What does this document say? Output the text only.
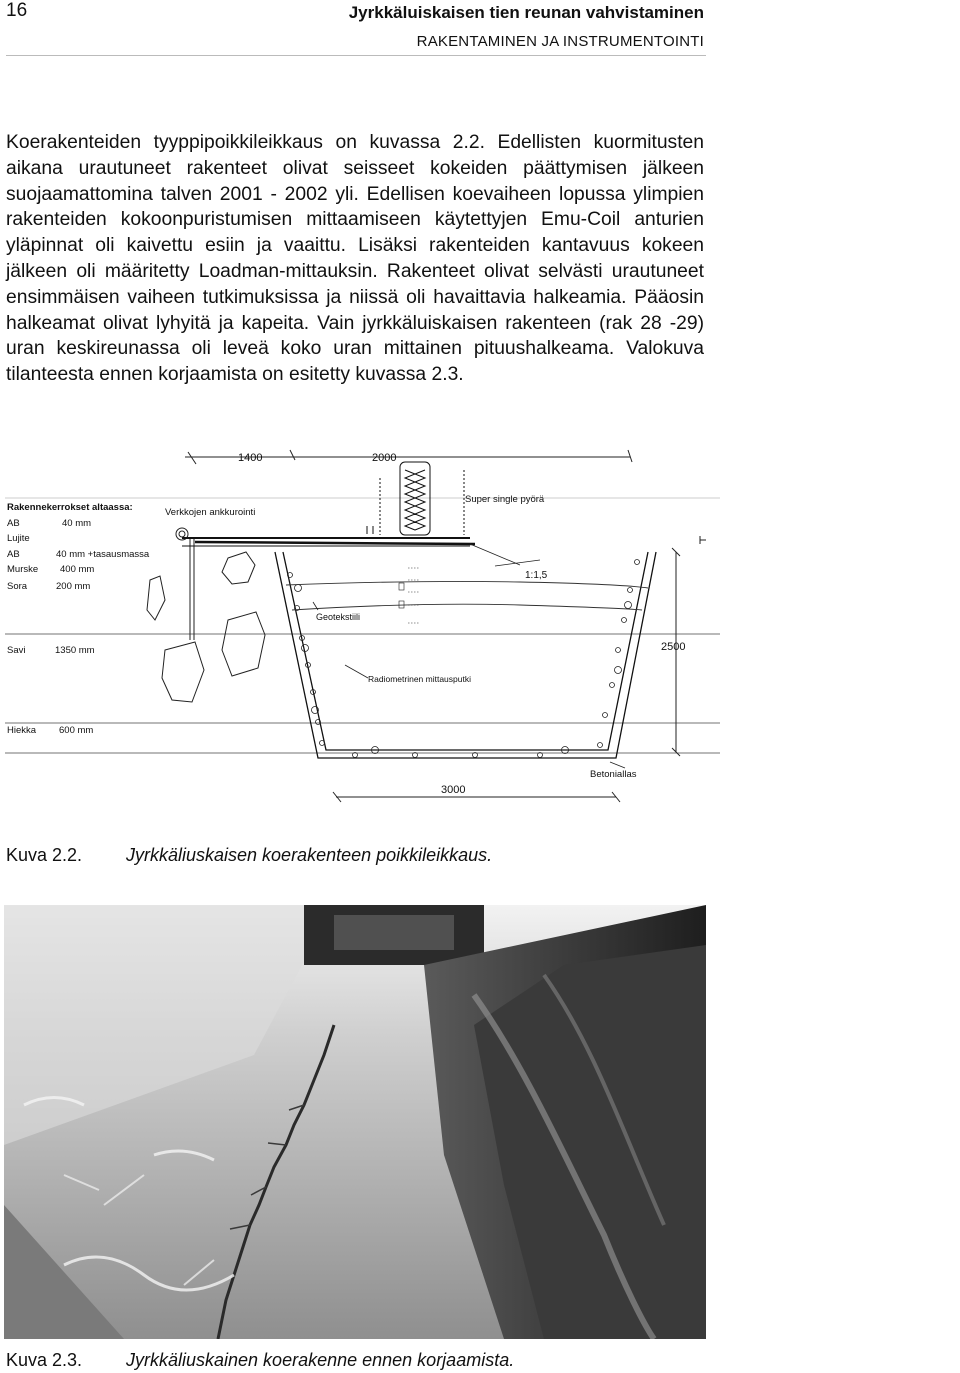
16	Jyrkkäluiskaisen tien reunan vahvistaminen
RAKENTAMINEN JA INSTRUMENTOINTI

Koerakenteiden tyyppipoikkileikkaus on kuvassa 2.2. Edellisten kuormitusten aikana urautuneet rakenteet olivat seisseet kokeiden päättymisen jälkeen suojaamattomina talven 2001 - 2002 yli. Edellisen koevaiheen lopussa ylimpien rakenteiden kokoonpuristumisen mittaamiseen käytettyjen Emu-Coil anturien yläpinnat oli kaivettu esiin ja vaaittu. Lisäksi rakenteiden kantavuus kokeen jälkeen oli määritetty Loadman-mittauksin. Rakenteet olivat selvästi urautuneet ensimmäisen vaiheen tutkimuksissa ja niissä oli havaittavia halkeamia. Pääosin halkeamat olivat lyhyitä ja kapeita. Vain jyrkkäluiskaisen rakenteen (rak 28 -29) uran keskireunassa oli leveä koko uran mittainen pituushalkeama. Valokuva tilanteesta ennen korjaamista on esitetty kuvassa 2.3.

1400	2000
Rakennekerrokset altaassa:
AB	40 mm
Lujite
AB	40 mm +tasausmassa
Murske 400 mm
Sora	200 mm
Savi	1350 mm
Hiekka 600 mm
Verkkojen ankkurointi
Super single pyörä
1:1,5
Geotekstiili
Radiometrinen mittausputki
2500
3000
Betoniallas
Kuva 2.2. Jyrkkäliuskaisen koerakenteen poikkileikkaus.
Kuva 2.3. Jyrkkäliuskainen koerakenne ennen korjaamista.
